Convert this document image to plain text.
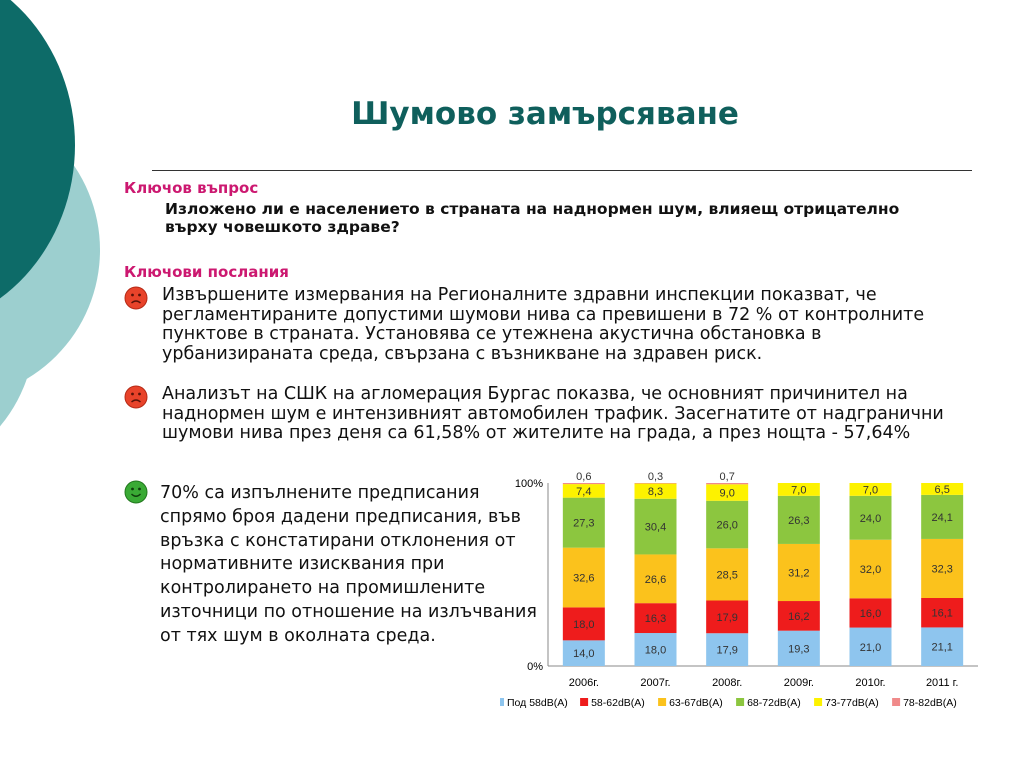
Шумово замърсяване
Ключов въпрос
Изложено ли е населението в страната на наднормен шум, влияещ отрицателно върху човешкото здраве?
Ключови послания
Извършените измервания на Регионалните здравни инспекции показват, че регламентираните допустими шумови нива са превишени в 72 % от контролните пунктове в страната. Установява се утежнена акустична обстановка в урбанизираната среда, свързана с възникване на здравен риск.
Анализът на СШК на агломерация Бургас показва, че основният причинител на наднормен шум е интензивният автомобилен трафик. Засегнатите от надгранични шумови нива през деня са 61,58% от жителите на града, а през нощта - 57,64%
70% са изпълнените предписания спрямо броя дадени предписания, във връзка с констатирани отклонения от нормативните изисквания при контролирането на промишлените източници по отношение на излъчвания от тях шум в околната среда.
0%
100%
14,0
18,0
32,6
27,3
7,4
0,6
2006г.
18,0
16,3
26,6
30,4
8,3
0,3
2007г.
17,9
17,9
28,5
26,0
9,0
0,7
2008г.
19,3
16,2
31,2
26,3
7,0
2009г.
21,0
16,0
32,0
24,0
7,0
2010г.
21,1
16,1
32,3
24,1
6,5
2011 г.
Под 58dB(A) 58-62dB(A) 63-67dB(A) 68-72dB(A) 73-77dB(A) 78-82dB(A)
